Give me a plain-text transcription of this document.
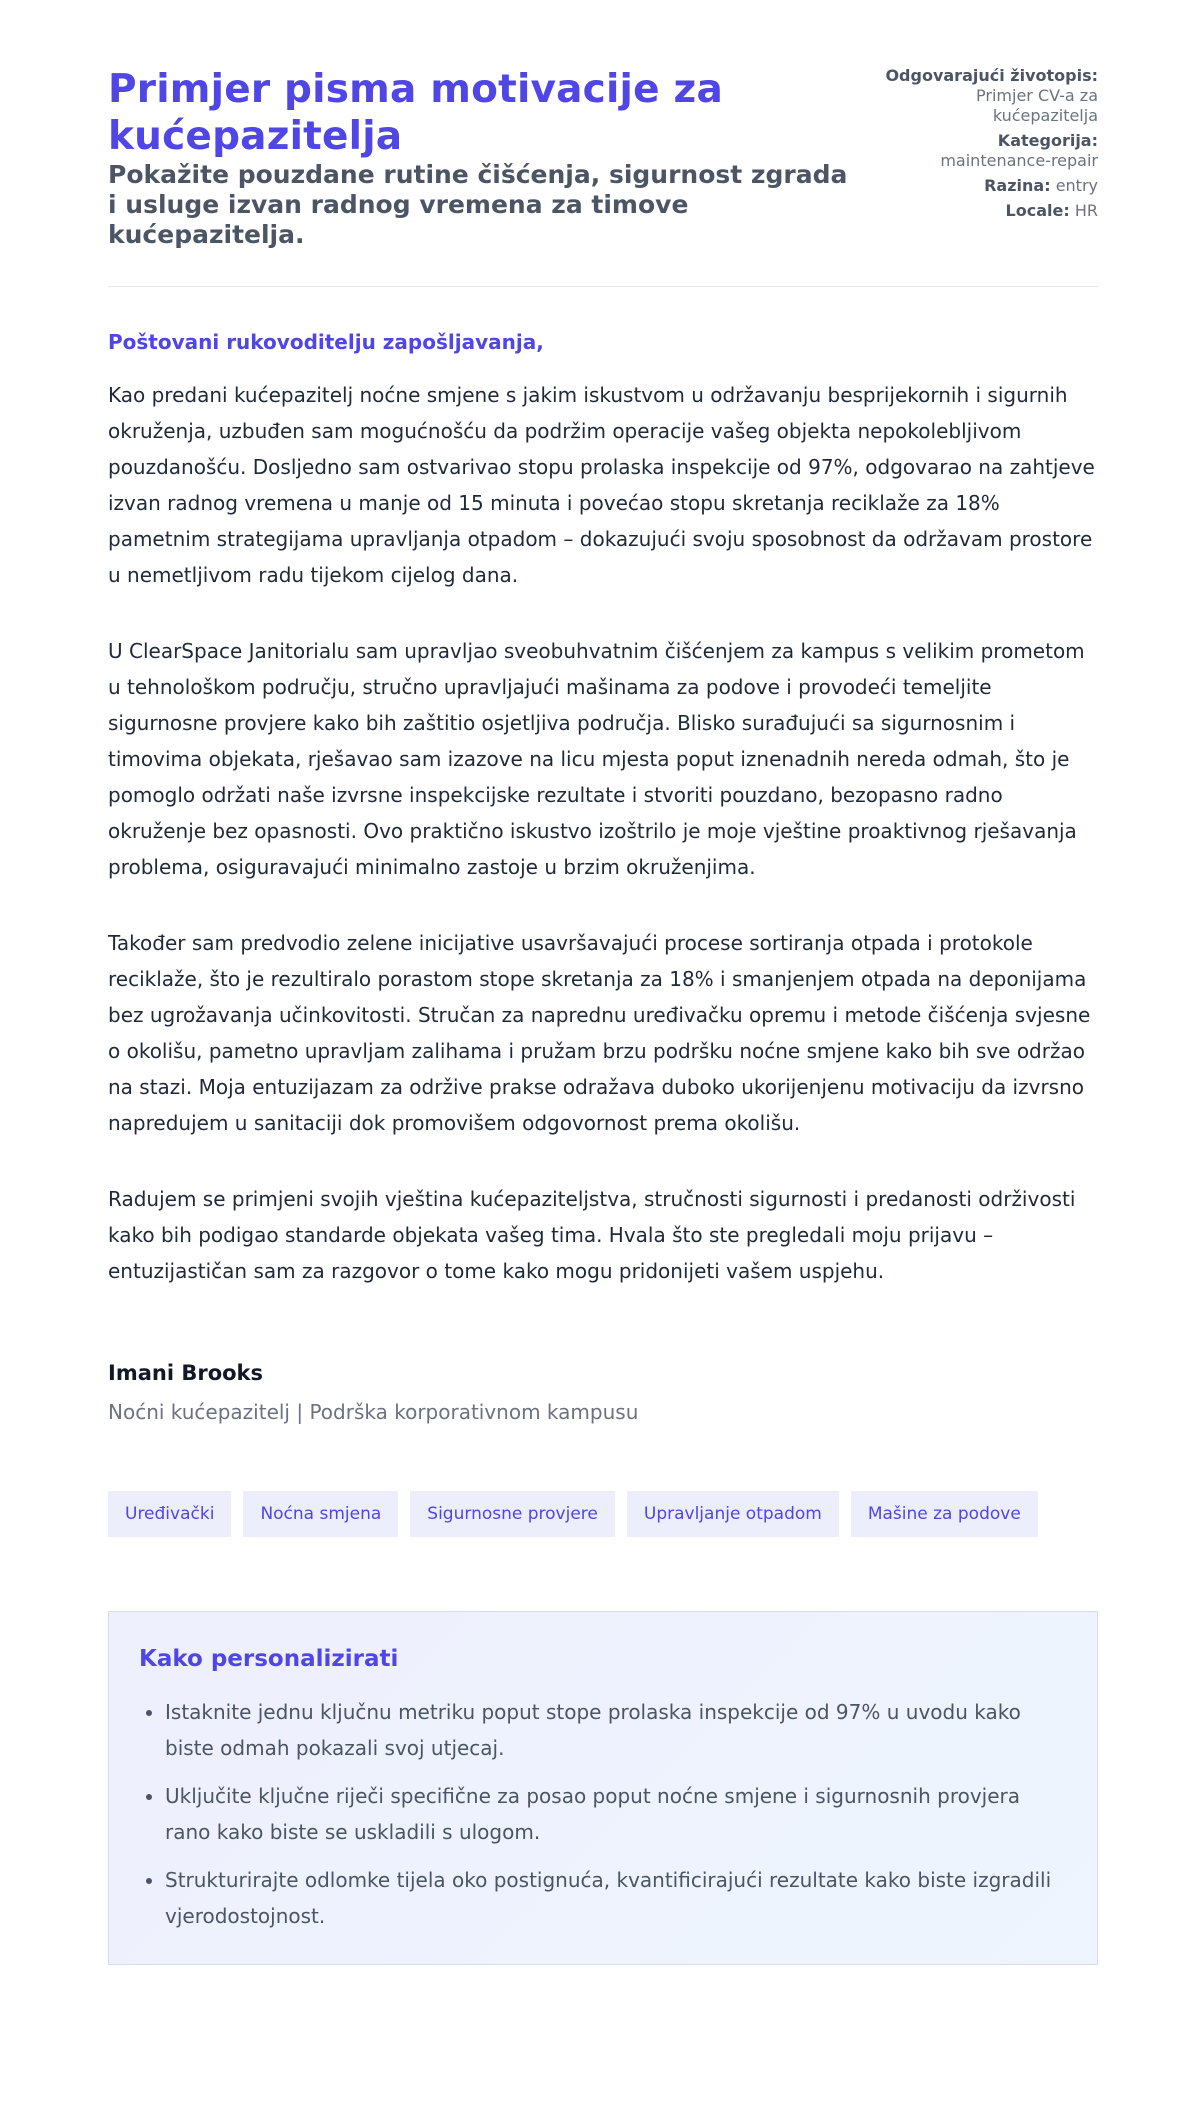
Primjer pisma motivacije za kućepazitelja
Pokažite pouzdane rutine čišćenja, sigurnost zgrada i usluge izvan radnog vremena za timove kućepazitelja.
Odgovarajući životopis: Primjer CV-a za kućepazitelja
Kategorija:
maintenance-repair
Razina: entry
Locale: HR

Poštovani rukovoditelju zapošljavanja,

Kao predani kućepazitelj noćne smjene s jakim iskustvom u održavanju besprijekornih i sigurnih okruženja, uzbuđen sam mogućnošću da podržim operacije vašeg objekta nepokolebljivom pouzdanošću. Dosljedno sam ostvarivao stopu prolaska inspekcije od 97%, odgovarao na zahtjeve izvan radnog vremena u manje od 15 minuta i povećao stopu skretanja reciklaže za 18% pametnim strategijama upravljanja otpadom – dokazujući svoju sposobnost da održavam prostore u nemetljivom radu tijekom cijelog dana.

U ClearSpace Janitorialu sam upravljao sveobuhvatnim čišćenjem za kampus s velikim prometom u tehnološkom području, stručno upravljajući mašinama za podove i provodeći temeljite sigurnosne provjere kako bih zaštitio osjetljiva područja. Blisko surađujući sa sigurnosnim i timovima objekata, rješavao sam izazove na licu mjesta poput iznenadnih nereda odmah, što je pomoglo održati naše izvrsne inspekcijske rezultate i stvoriti pouzdano, bezopasno radno okruženje bez opasnosti. Ovo praktično iskustvo izoštrilo je moje vještine proaktivnog rješavanja problema, osiguravajući minimalno zastoje u brzim okruženjima.

Također sam predvodio zelene inicijative usavršavajući procese sortiranja otpada i protokole reciklaže, što je rezultiralo porastom stope skretanja za 18% i smanjenjem otpada na deponijama bez ugrožavanja učinkovitosti. Stručan za naprednu uređivačku opremu i metode čišćenja svjesne o okolišu, pametno upravljam zalihama i pružam brzu podršku noćne smjene kako bih sve održao na stazi. Moja entuzijazam za održive prakse odražava duboko ukorijenjenu motivaciju da izvrsno napredujem u sanitaciji dok promovišem odgovornost prema okolišu.

Radujem se primjeni svojih vještina kućepaziteljstva, stručnosti sigurnosti i predanosti održivosti kako bih podigao standarde objekata vašeg tima. Hvala što ste pregledali moju prijavu – entuzijastičan sam za razgovor o tome kako mogu pridonijeti vašem uspjehu.

Imani Brooks
Noćni kućepazitelj | Podrška korporativnom kampusu
Uređivački	Noćna smjena	Sigurnosne provjere	Upravljanje otpadom	Mašine za podove
Kako personalizirati
• Istaknite jednu ključnu metriku poput stope prolaska inspekcije od 97% u uvodu kako biste odmah pokazali svoj utjecaj.
• Uključite ključne riječi specifične za posao poput noćne smjene i sigurnosnih provjera rano kako biste se uskladili s ulogom.
• Strukturirajte odlomke tijela oko postignuća, kvantificirajući rezultate kako biste izgradili vjerodostojnost.
